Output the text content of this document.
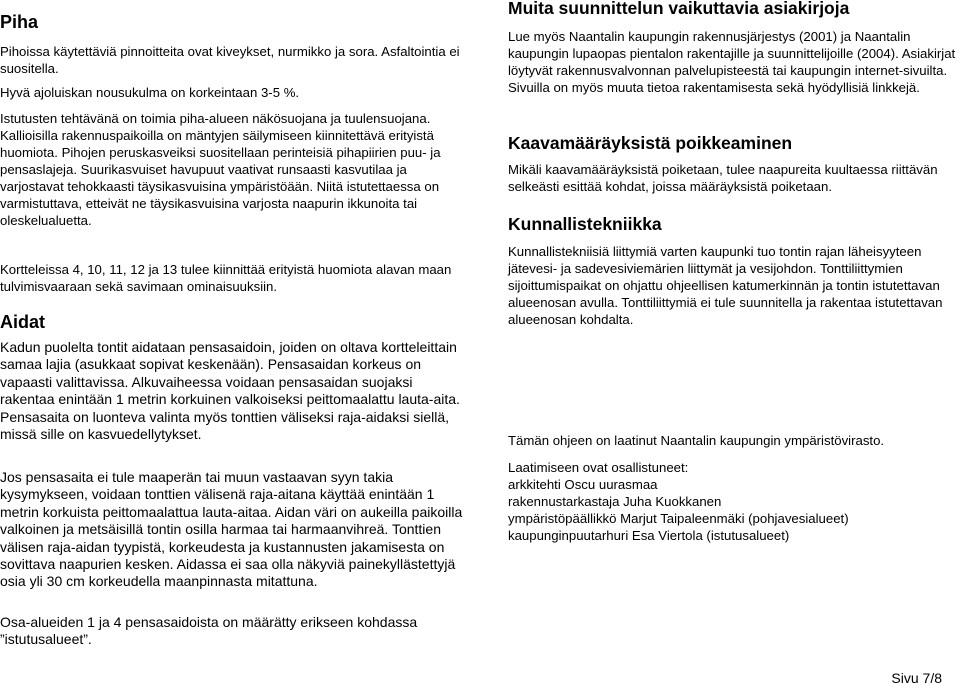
Piha

Pihoissa käytettäviä pinnoitteita ovat kiveykset, nurmikko ja sora. Asfaltointia ei suositella.

Hyvä ajoluiskan nousukulma on korkeintaan 3-5 %.

Istutusten tehtävänä on toimia piha-alueen näkösuojana ja tuulensuojana. Kallioisilla rakennuspaikoilla on mäntyjen säilymiseen kiinnitettävä erityistä huomiota. Pihojen peruskasveiksi suositellaan perinteisiä pihapiirien puu- ja pensaslajeja. Suurikasvuiset havupuut vaativat runsaasti kasvutilaa ja varjostavat tehokkaasti täysikasvuisina ympäristöään. Niitä istutettaessa on varmistuttava, etteivät ne täysikasvuisina varjosta naapurin ikkunoita tai oleskelualuetta.

Kortteleissa 4, 10, 11, 12 ja 13 tulee kiinnittää erityistä huomiota alavan maan tulvimisvaaraan sekä savimaan ominaisuuksiin.

Aidat

Kadun puolelta tontit aidataan pensasaidoin, joiden on oltava kortteleittain samaa lajia (asukkaat sopivat keskenään). Pensasaidan korkeus on vapaasti valittavissa. Alkuvaiheessa voidaan pensasaidan suojaksi rakentaa enintään 1 metrin korkuinen valkoiseksi peittomaalattu lauta-aita. Pensasaita on luonteva valinta myös tonttien väliseksi raja-aidaksi siellä, missä sille on kasvuedellytykset.

Jos pensasaita ei tule maaperän tai muun vastaavan syyn takia kysymykseen, voidaan tonttien välisenä raja-aitana käyttää enintään 1 metrin korkuista peittomaalattua lauta-aitaa. Aidan väri on aukeilla paikoilla valkoinen ja metsäisillä tontin osilla harmaa tai harmaanvihreä. Tonttien välisen raja-aidan tyypistä, korkeudesta ja kustannusten jakamisesta on sovittava naapurien kesken. Aidassa ei saa olla näkyviä painekyllästettyjä osia yli 30 cm korkeudella maanpinnasta mitattuna.

Osa-alueiden 1 ja 4 pensasaidoista on määrätty erikseen kohdassa ”istutusalueet”.

Muita suunnittelun vaikuttavia asiakirjoja

Lue myös Naantalin kaupungin rakennusjärjestys (2001) ja Naantalin kaupungin lupaopas pientalon rakentajille ja suunnittelijoille (2004). Asiakirjat löytyvät rakennusvalvonnan palvelupisteestä tai kaupungin internet-sivuilta. Sivuilla on myös muuta tietoa rakentamisesta sekä hyödyllisiä linkkejä.

Kaavamääräyksistä poikkeaminen

Mikäli kaavamääräyksistä poiketaan, tulee naapureita kuultaessa riittävän selkeästi esittää kohdat, joissa määräyksistä poiketaan.

Kunnallistekniikka

Kunnallistekniisiä liittymiä varten kaupunki tuo tontin rajan läheisyyteen jätevesi- ja sadevesiviemärien liittymät ja vesijohdon. Tonttiliittymien sijoittumispaikat on ohjattu ohjeellisen katumerkinnän ja tontin istutettavan alueenosan avulla. Tonttiliittymiä ei tule suunnitella ja rakentaa istutettavan alueenosan kohdalta.

Tämän ohjeen on laatinut Naantalin kaupungin ympäristövirasto.

Laatimiseen ovat osallistuneet:

arkkitehti Oscu uurasmaa
rakennustarkastaja Juha Kuokkanen
ympäristöpäällikkö Marjut Taipaleenmäki (pohjavesialueet)
kaupunginpuutarhuri Esa Viertola (istutusalueet)
Sivu 7/8
